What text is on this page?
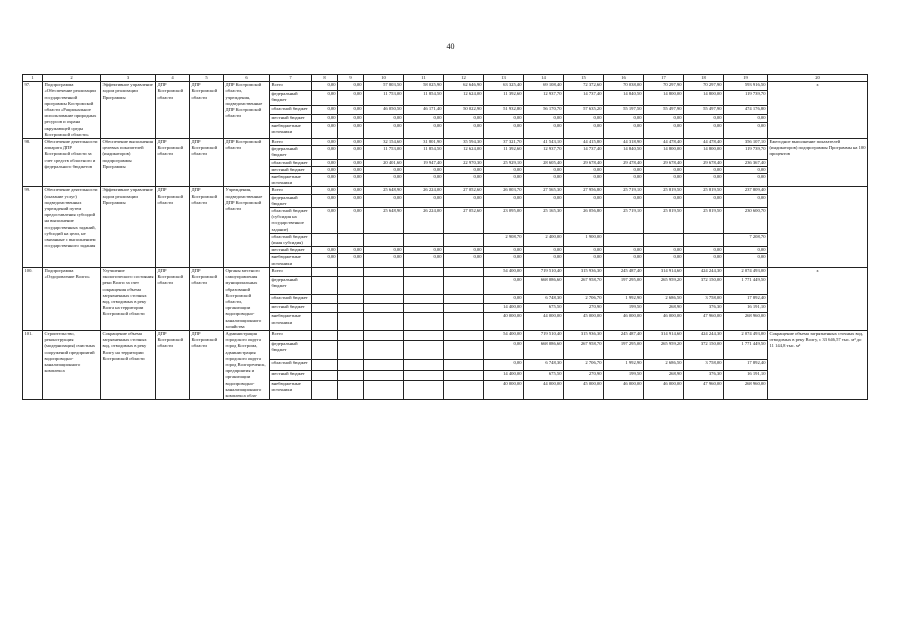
40
1	2	3	4	5	6	7	8	9	10	11	12	13	14	15	16	17	18	19	20
97.	Подпрограмма «Обеспечение реализации государственной программы Костромской области «Рациональное использование природных ресурсов и охрана окружающей среды Костромской области»	Эффективное управление ходом реализации Программы	ДПР Костромской области	ДПР Костромской области	ДПР Костромской области, учреждения, подведомственные ДПР Костромской области	Всего	0,00	0,00	57 803,50	58 025,90	62 646,90	63 325,40	69 108,40	72 372,60	70 038,00	70 297,90	70 297,90	593 916,50	x
						федеральный бюджет	0,00	0,00	11 753,00	11 854,50	12 624,00	11 392,60	12 937,70	14 737,40	14 840,50	14 800,00	14 800,00	119 739,70	
						областной бюджет	0,00	0,00	46 050,50	46 171,40	50 022,90	51 932,80	56 170,70	57 635,20	55 197,50	55 497,90	55 497,90	474 176,80	
						местный бюджет	0,00	0,00	0,00	0,00	0,00	0,00	0,00	0,00	0,00	0,00	0,00	0,00	
						внебюджетные источники	0,00	0,00	0,00	0,00	0,00	0,00	0,00	0,00	0,00	0,00	0,00	0,00	
98.	Обеспечение деятельности аппарата ДПР Костромской области за счет средств областного и федерального бюджетов	Обеспечение выполнения целевых показателей (индикаторов) подпрограммы Программы	ДПР Костромской области	ДПР Костромской области	ДПР Костромской области	Всего	0,00	0,00	32 154,60	31 801,90	35 594,30	37 321,70	41 543,10	44 415,80	44 318,90	44 478,40	44 478,40	356 107,10	Ежегодное выполнение показателей (индикаторов) подпрограммы Программы на 100 процентов
						федеральный бюджет	0,00	0,00	11 753,00	11 854,50	12 624,00	11 392,60	12 937,70	14 737,40	14 840,50	14 800,00	14 800,00	119 739,70	
						областной бюджет	0,00	0,00	20 401,60	19 947,40	22 970,30	25 929,10	28 605,40	29 678,40	29 478,40	29 678,40	29 678,40	236 367,40	
						местный бюджет	0,00	0,00	0,00	0,00	0,00	0,00	0,00	0,00	0,00	0,00	0,00	0,00	
						внебюджетные источники	0,00	0,00	0,00	0,00	0,00	0,00	0,00	0,00	0,00	0,00	0,00	0,00	
99.	Обеспечение деятельности (оказание услуг) подведомственных учреждений путем предоставления субсидий на выполнение государственных заданий, субсидий на цели, не связанные с выполнением государственного задания	Эффективное управление ходом реализации Программы	ДПР Костромской области	ДПР Костромской области	Учреждения, подведомственные ДПР Костромской области	Всего	0,00	0,00	25 648,90	26 224,00	27 052,60	26 003,70	27 565,30	27 956,80	25 719,10	25 819,50	25 819,50	237 809,40	
						федеральный бюджет	0,00	0,00	0,00	0,00	0,00	0,00	0,00	0,00	0,00	0,00	0,00	0,00	
						областной бюджет (субсидия на государственное задание)	0,00	0,00	25 648,90	26 224,00	27 052,60	23 095,00	25 165,30	26 056,80	25 719,10	25 819,50	25 819,50	230 600,70	
						областной бюджет (иная субсидия)						2 908,70	2 400,00	1 900,00				7 208,70	
						местный бюджет	0,00	0,00	0,00	0,00	0,00	0,00	0,00	0,00	0,00	0,00	0,00	0,00	
						внебюджетные источники	0,00	0,00	0,00	0,00	0,00	0,00	0,00	0,00	0,00	0,00	0,00	0,00	
100.	Подпрограмма «Оздоровление Волги»	Улучшение экологического состояния реки Волги за счет сокращения объема загрязненных сточных вод, отводимых в реку Волга на территории Костромской области	ДПР Костромской области	ДПР Костромской области	Органы местного самоуправления муниципальных образований Костромской области, организации водопроводно-канализационного хозяйства	Всего						54 400,00	719 510,40	315 936,30	245 487,40	314 914,60	424 244,30	2 074 493,00	x
						федеральный бюджет						0,00	668 086,60	267 958,70	197 295,00	265 959,20	372 150,00	1 771 449,50	
						областной бюджет						0,00	6 748,30	2 706,70	1 992,90	2 686,50	3 758,00	17 892,40	
						местный бюджет						14 400,00	675,50	270,90	199,50	268,90	376,30	16 191,10	
						внебюджетные источники						40 000,00	44 000,00	45 000,00	46 000,00	46 000,00	47 960,00	268 960,00	
101.	Строительство, реконструкция (модернизация) очистных сооружений предприятий водопроводно-канализационного комплекса	Сокращение объема загрязненных сточных вод, отводимых в реку Волгу на территории Костромской области	ДПР Костромской области	ДПР Костромской области	Администрация городского округа город Кострома, администрация городского округа город Волгореченск, предприятия и организации водопроводно-канализационного комплекса обла-	Всего						54 400,00	719 510,40	315 936,30	245 487,40	314 914,60	424 244,30	2 074 493,00	Сокращение объема загрязненных сточных вод, отводимых в реку Волгу, с 33 646,57 тыс. м³ до 11 144,8 тыс. м³
						федеральный бюджет						0,00	668 086,60	267 958,70	197 295,00	265 959,20	372 150,00	1 771 449,50	
						областной бюджет						0,00	6 748,30	2 706,70	1 992,90	2 686,50	3 758,00	17 892,40	
						местный бюджет						14 400,00	675,50	270,90	199,50	268,90	376,30	16 191,10	
						внебюджетные источники						40 000,00	44 000,00	45 000,00	46 000,00	46 000,00	47 960,00	268 960,00	
